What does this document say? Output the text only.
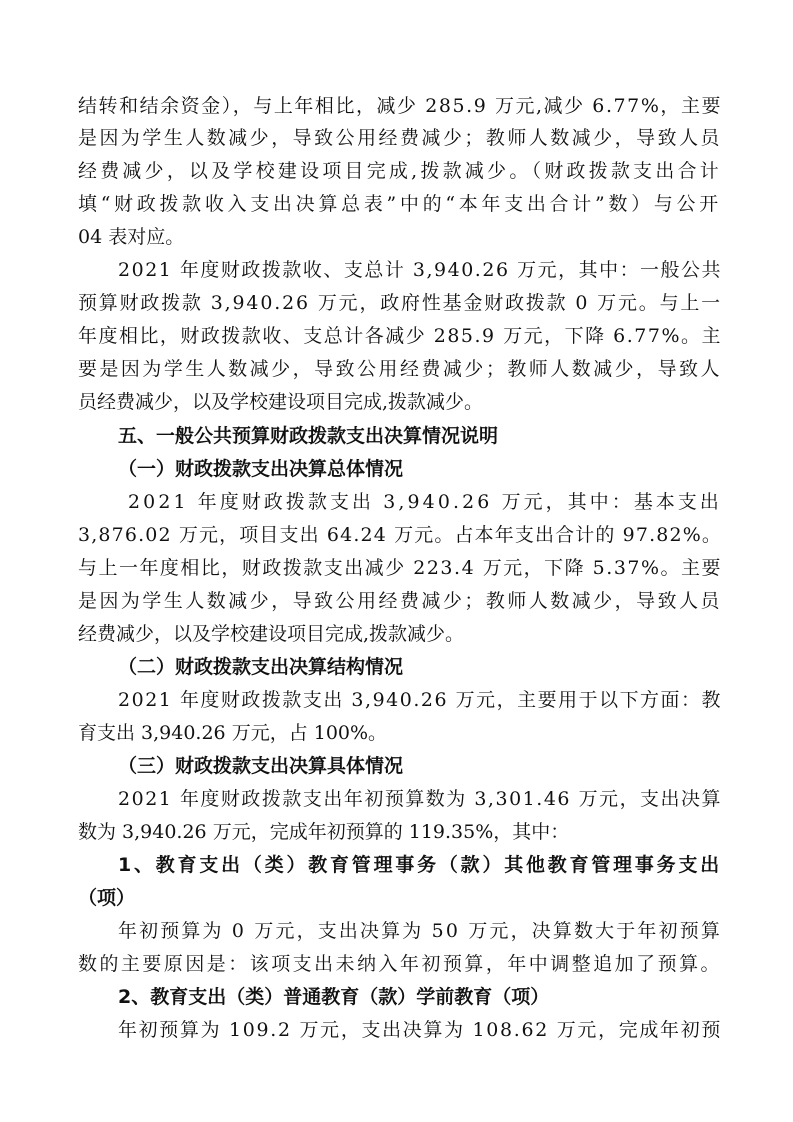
结转和结余资金），与上年相比，减少 285.9 万元,减少 6.77%，主要
是因为学生人数减少，导致公用经费减少；教师人数减少，导致人员
经费减少，以及学校建设项目完成,拨款减少。（财政拨款支出合计
填“财政拨款收入支出决算总表”中的“本年支出合计”数）与公开
04 表对应。
2021 年度财政拨款收、支总计 3,940.26 万元，其中：一般公共
预算财政拨款 3,940.26 万元，政府性基金财政拨款 0 万元。与上一
年度相比，财政拨款收、支总计各减少 285.9 万元，下降 6.77%。主
要是因为学生人数减少，导致公用经费减少；教师人数减少，导致人
员经费减少，以及学校建设项目完成,拨款减少。
五、一般公共预算财政拨款支出决算情况说明
（一）财政拨款支出决算总体情况
2021 年度财政拨款支出 3,940.26 万元，其中：基本支出
3,876.02 万元，项目支出 64.24 万元。占本年支出合计的 97.82%。
与上一年度相比，财政拨款支出减少 223.4 万元，下降 5.37%。主要
是因为学生人数减少，导致公用经费减少；教师人数减少，导致人员
经费减少，以及学校建设项目完成,拨款减少。
（二）财政拨款支出决算结构情况
2021 年度财政拨款支出 3,940.26 万元，主要用于以下方面：教
育支出 3,940.26 万元，占 100%。
（三）财政拨款支出决算具体情况
2021 年度财政拨款支出年初预算数为 3,301.46 万元，支出决算
数为 3,940.26 万元，完成年初预算的 119.35%，其中：
1、教育支出（类）教育管理事务（款）其他教育管理事务支出
（项）
年初预算为 0 万元，支出决算为 50 万元，决算数大于年初预算
数的主要原因是：该项支出未纳入年初预算，年中调整追加了预算。
2、教育支出（类）普通教育（款）学前教育（项）
年初预算为 109.2 万元，支出决算为 108.62 万元，完成年初预
